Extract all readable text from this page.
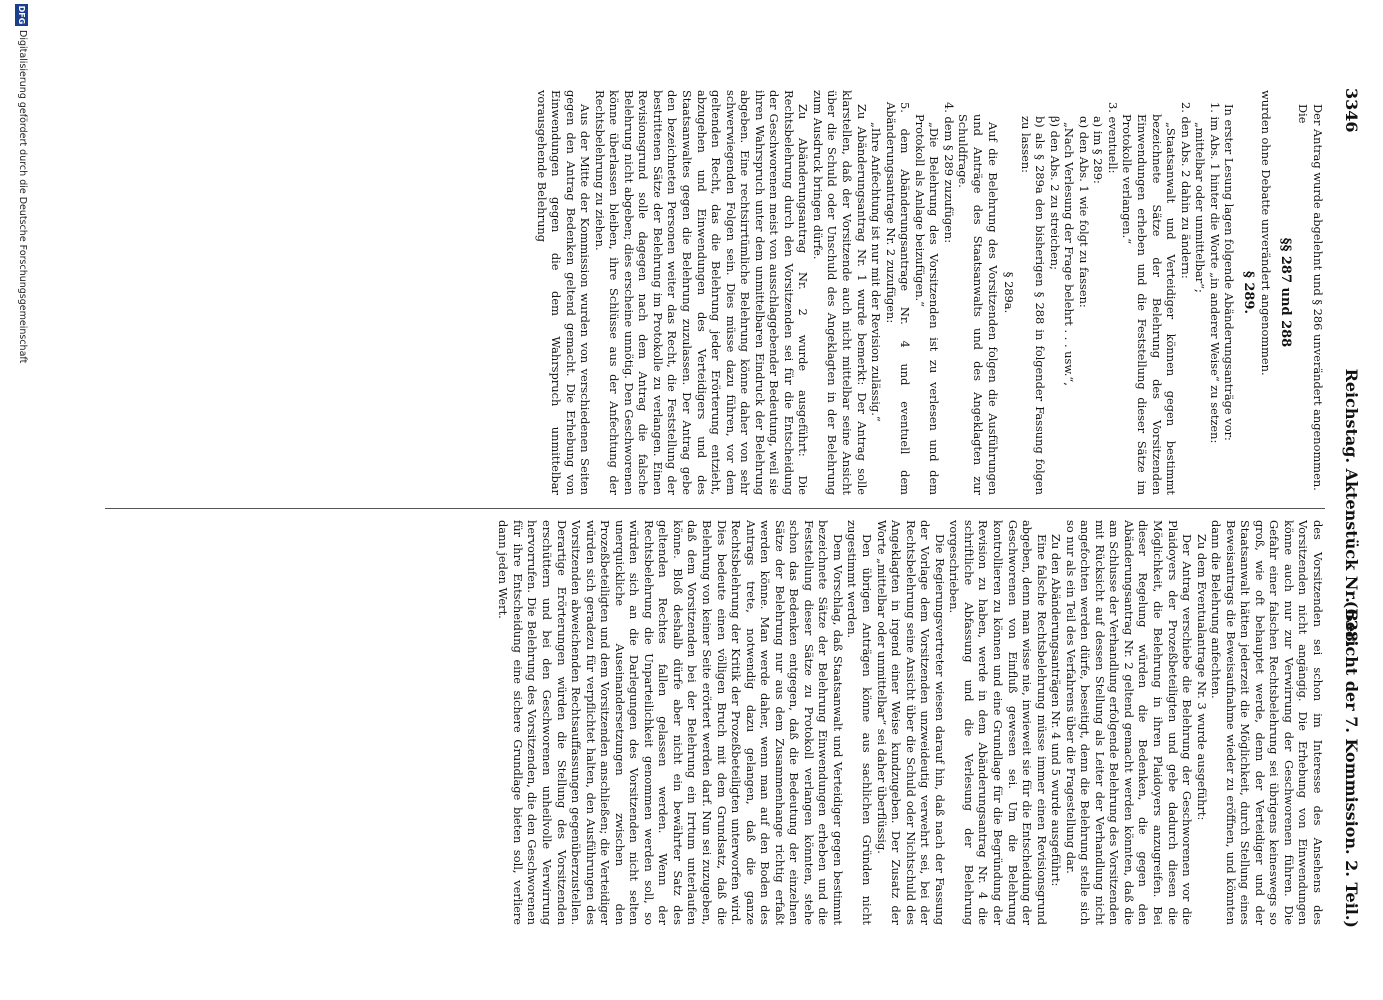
3346
Reichstag. Aktenstück Nr. 638.
(Bericht der 7. Kommission. 2. Teil.)

Der Antrag wurde abgelehnt und § 286 unverändert angenommen.

Die

§§ 287 und 288

wurden ohne Debatte unverändert angenommen.

§ 289.

In erster Lesung lagen folgende Abänderungsanträge vor:

1. im Abs. 1 hinter die Worte „in anderer Weise“ zu setzen:

„mittelbar oder unmittelbar“;

2. den Abs. 2 dahin zu ändern:

„Staatsanwalt und Verteidiger können gegen bestimmt bezeichnete Sätze der Belehrung des Vorsitzenden Einwendungen erheben und die Feststellung dieser Sätze im Protokolle verlangen.“

3. eventuell:

a) im § 289:

α) den Abs. 1 wie folgt zu fassen:

„Nach Verlesung der Frage belehrt . . . usw.“,

β) den Abs. 2 zu streichen;

b) als § 289a den bisherigen § 288 in folgender Fassung folgen zu lassen:

§ 289a.

Auf die Belehrung des Vorsitzenden folgen die Ausführungen und Anträge des Staatsanwalts und des Angeklagten zur Schuldfrage.

4. dem § 289 zuzufügen:

„Die Belehrung des Vorsitzenden ist zu verlesen und dem Protokoll als Anlage beizufügen.“

5. dem Abänderungsantrage Nr. 4 und eventuell dem Abänderungsantrage Nr. 2 zuzufügen:

„Ihre Anfechtung ist nur mit der Revision zulässig.“

Zu Abänderungsantrag Nr. 1 wurde bemerkt: Der Antrag solle klarstellen, daß der Vorsitzende auch nicht mittelbar seine Ansicht über die Schuld oder Unschuld des Angeklagten in der Belehrung zum Ausdruck bringen dürfe.

Zu Abänderungsantrag Nr. 2 wurde ausgeführt: Die Rechtsbelehrung durch den Vorsitzenden sei für die Entscheidung der Geschworenen meist von ausschlaggebender Bedeutung, weil sie ihren Wahrspruch unter dem unmittelbaren Eindruck der Belehrung abgeben. Eine rechtsirrtümliche Belehrung könne daher von sehr schwerwiegenden Folgen sein. Dies müsse dazu führen, vor dem geltenden Recht, das die Belehrung jeder Erörterung entzieht, abzugehen und Einwendungen des Verteidigers und des Staatsanwaltes gegen die Belehrung zuzulassen. Der Antrag gebe den bezeichneten Personen weiter das Recht, die Feststellung der bestrittenen Sätze der Belehrung im Protokolle zu verlangen. Einen Revisionsgrund solle dagegen nach dem Antrag die falsche Belehrung nicht abgeben; dies erscheine unnötig. Den Geschworenen könne überlassen bleiben, ihre Schlüsse aus der Anfechtung der Rechtsbelehrung zu ziehen.

Aus der Mitte der Kommission wurden von verschiedenen Seiten gegen den Antrag Bedenken geltend gemacht. Die Erhebung von Einwendungen gegen die dem Wahrspruch unmittelbar vorausgehende Belehrung

des Vorsitzenden sei schon im Interesse des Ansehens des Vorsitzenden nicht angängig. Die Erhebung von Einwendungen könne auch nur zur Verwirrung der Geschworenen führen. Die Gefahr einer falschen Rechtsbelehrung sei übrigens keineswegs so groß, wie oft behauptet werde, denn der Verteidiger und der Staatsanwalt hätten jederzeit die Möglichkeit, durch Stellung eines Beweisantrags die Beweisaufnahme wieder zu eröffnen, und könnten dann die Belehrung anfechten.

Zu dem Eventualantrage Nr. 3 wurde ausgeführt:

Der Antrag verschiebe die Belehrung der Geschworenen vor die Plaidoyers der Prozeßbeteiligten und gebe dadurch diesen die Möglichkeit, die Belehrung in ihren Plaidoyers anzugreifen. Bei dieser Regelung würden die Bedenken, die gegen den Abänderungsantrag Nr. 2 geltend gemacht werden könnten, daß die am Schlusse der Verhandlung erfolgende Belehrung des Vorsitzenden mit Rücksicht auf dessen Stellung als Leiter der Verhandlung nicht angefochten werden dürfe, beseitigt, denn die Belehrung stelle sich so nur als ein Teil des Verfahrens über die Fragestellung dar.

Zu den Abänderungsanträgen Nr. 4 und 5 wurde ausgeführt:

Eine falsche Rechtsbelehrung müsse immer einen Revisionsgrund abgeben, denn man wisse nie, inwieweit sie für die Entscheidung der Geschworenen von Einfluß gewesen sei. Um die Belehrung kontrollieren zu können und eine Grundlage für die Begründung der Revision zu haben, werde in dem Abänderungsantrag Nr. 4 die schriftliche Abfassung und die Verlesung der Belehrung vorgeschrieben.

Die Regierungsvertreter wiesen darauf hin, daß nach der Fassung der Vorlage dem Vorsitzenden unzweideutig verwehrt sei, bei der Rechtsbelehrung seine Ansicht über die Schuld oder Nichtschuld des Angeklagten in irgend einer Weise kundzugeben. Der Zusatz der Worte „mittelbar oder unmittelbar“ sei daher überflüssig.

Den übrigen Anträgen könne aus sachlichen Gründen nicht zugestimmt werden.

Dem Vorschlag, daß Staatsanwalt und Verteidiger gegen bestimmt bezeichnete Sätze der Belehrung Einwendungen erheben und die Feststellung dieser Sätze zu Protokoll verlangen könnten, stehe schon das Bedenken entgegen, daß die Bedeutung der einzelnen Sätze der Belehrung nur aus dem Zusammenhange richtig erfaßt werden könne. Man werde daher, wenn man auf den Boden des Antrags trete, notwendig dazu gelangen, daß die ganze Rechtsbelehrung der Kritik der Prozeßbeteiligten unterworfen wird. Dies bedeute einen völligen Bruch mit dem Grundsatz, daß die Belehrung von keiner Seite erörtert werden darf. Nun sei zuzugeben, daß dem Vorsitzenden bei der Belehrung ein Irrtum unterlaufen könne. Bloß deshalb dürfe aber nicht ein bewährter Satz des geltenden Rechtes fallen gelassen werden. Wenn der Rechtsbelehrung die Unparteilichkeit genommen werden soll, so würden sich an die Darlegungen des Vorsitzenden nicht selten unerquickliche Auseinandersetzungen zwischen den Prozeßbeteiligten und dem Vorsitzenden anschließen; die Verteidiger würden sich geradezu für verpflichtet halten, den Ausführungen des Vorsitzenden abweichenden Rechtsauffassungen gegenüberzustellen. Derartige Erörterungen würden die Stellung des Vorsitzenden erschüttern und bei den Geschworenen unheilvolle Verwirrung hervorrufen. Die Belehrung des Vorsitzenden, die den Geschworenen für ihre Entscheidung eine sichere Grundlage bieten soll, verliere dann jeden Wert.

DFG
Digitalisierung gefördert durch die Deutsche Forschungsgemeinschaft
